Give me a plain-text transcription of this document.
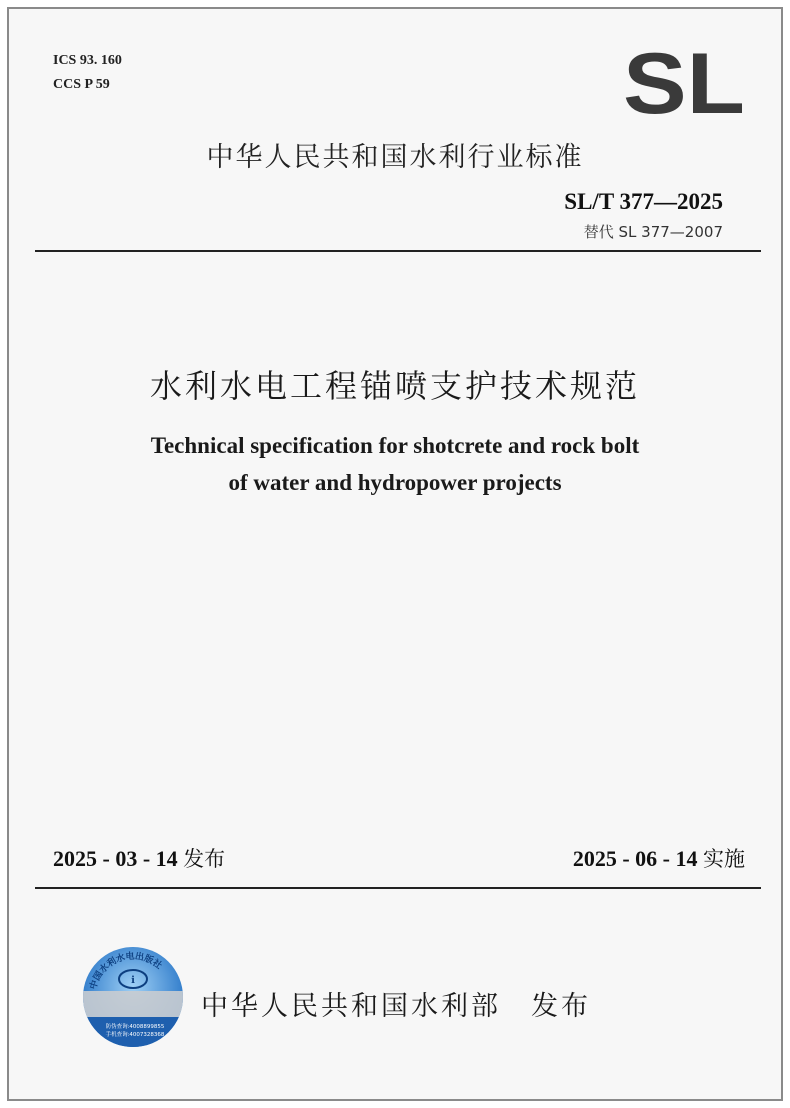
ICS 93. 160
CCS P 59	SL
中华人民共和国水利行业标准
SL/T 377—2025
替代 SL 377—2007
水利水电工程锚喷支护技术规范
Technical specification for shotcrete and rock bolt
of water and hydropower projects
2025 - 03 - 14 发布	2025 - 06 - 14 实施
中国水利水电出版社
ℹ
防伪查询:4008899855
手机查询:4007328368
中华人民共和国水利部 发布
